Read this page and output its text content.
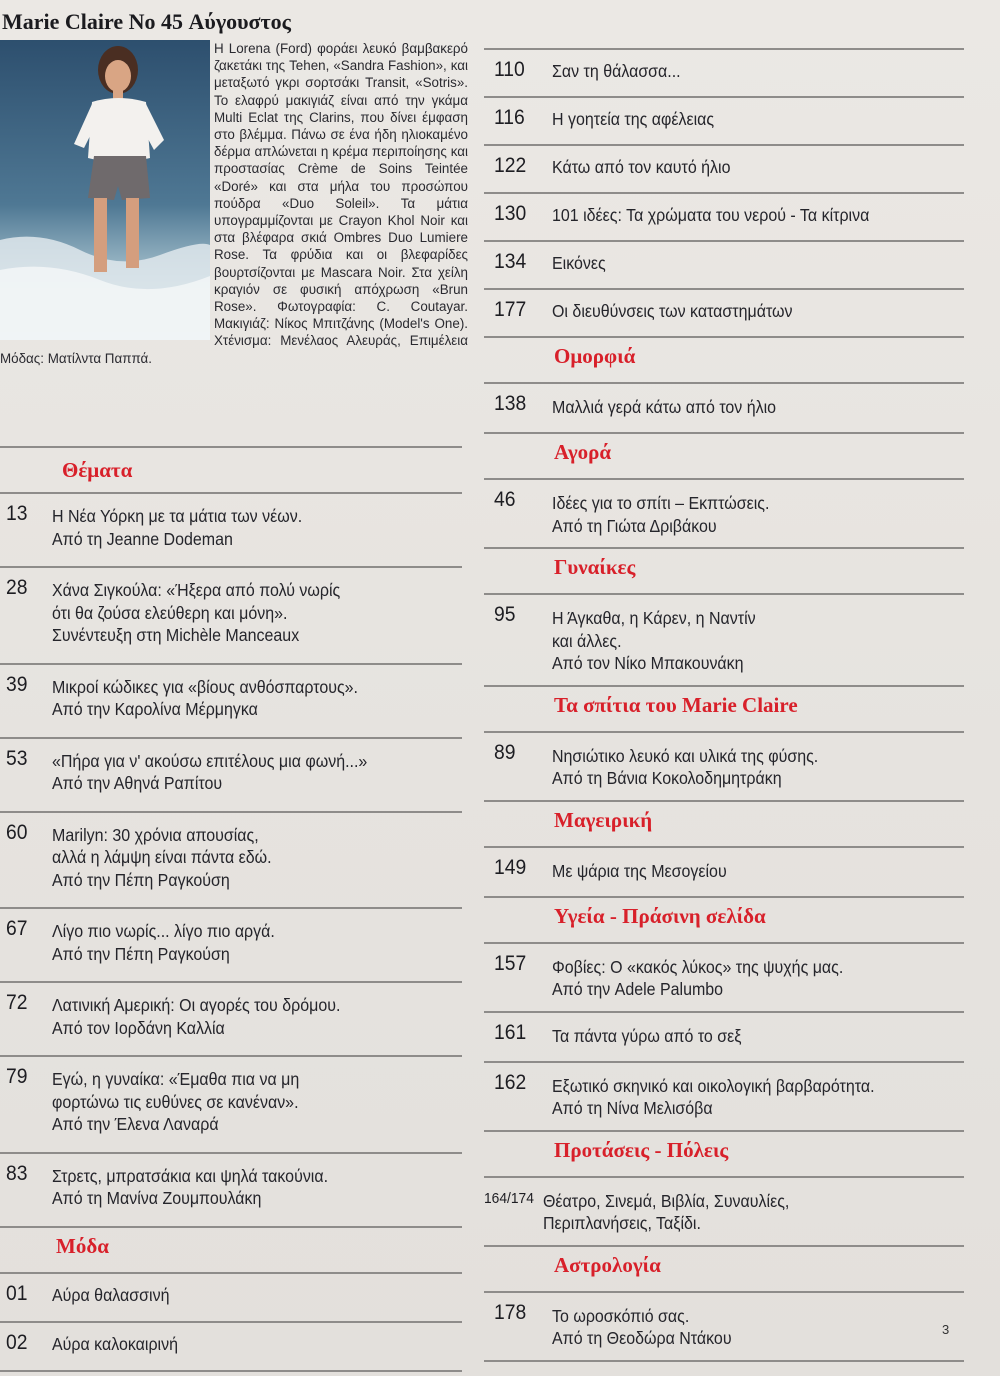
Marie Claire No 45 Αύγουστος

Η Lorena (Ford) φοράει λευκό βαμβακερό ζακετάκι της Tehen, «Sandra Fashion», και μεταξωτό γκρι σορτσάκι Transit, «Sotris». Το ελαφρύ μακιγιάζ είναι από την γκάμα Multi Eclat της Clarins, που δίνει έμφαση στο βλέμμα. Πάνω σε ένα ήδη ηλιοκαμένο δέρμα απλώνεται η κρέμα περιποίησης και προστασίας Crème de Soins Teintée «Doré» και στα μήλα του προσώπου πούδρα «Duo Soleil». Τα μάτια υπογραμμίζονται με Crayon Khol Noir και στα βλέφαρα σκιά Ombres Duo Lumiere Rose. Τα φρύδια και οι βλεφαρίδες βουρτσίζονται με Mascara Noir. Στα χείλη κραγιόν σε φυσική απόχρωση «Brun Rose». Φωτογραφία: C. Coutayar. Μακιγιάζ: Νίκος Μπιτζάνης (Model's One). Χτένισμα: Μενέλαος Αλευράς, Επιμέλεια Μόδας: Ματίλντα Παππά.

Θέματα
13 Η Νέα Υόρκη με τα μάτια των νέων.
Από τη Jeanne Dodeman
28 Χάνα Σιγκούλα: «Ήξερα από πολύ νωρίς
ότι θα ζούσα ελεύθερη και μόνη».
Συνέντευξη στη Michèle Manceaux
39 Μικροί κώδικες για «βίους ανθόσπαρτους».
Από την Καρολίνα Μέρμηγκα
53 «Πήρα για ν' ακούσω επιτέλους μια φωνή...»
Από την Αθηνά Ραπίτου
60 Marilyn: 30 χρόνια απουσίας,
αλλά η λάμψη είναι πάντα εδώ.
Από την Πέπη Ραγκούση
67 Λίγο πιο νωρίς... λίγο πιο αργά.
Από την Πέπη Ραγκούση
72 Λατινική Αμερική: Οι αγορές του δρόμου.
Από τον Ιορδάνη Καλλία
79 Εγώ, η γυναίκα: «Έμαθα πια να μη
φορτώνω τις ευθύνες σε κανέναν».
Από την Έλενα Λαναρά
83 Στρετς, μπρατσάκια και ψηλά τακούνια.
Από τη Μανίνα Ζουμπουλάκη
Μόδα
01 Αύρα θαλασσινή
02 Αύρα καλοκαιρινή
110 Σαν τη θάλασσα...
116 Η γοητεία της αφέλειας
122 Κάτω από τον καυτό ήλιο
130 101 ιδέες: Τα χρώματα του νερού - Τα κίτρινα
134 Εικόνες
177 Οι διευθύνσεις των καταστημάτων
Ομορφιά
138 Μαλλιά γερά κάτω από τον ήλιο
Αγορά
46 Ιδέες για το σπίτι – Εκπτώσεις.
Από τη Γιώτα Δριβάκου
Γυναίκες
95 Η Άγκαθα, η Κάρεν, η Ναντίν
και άλλες.
Από τον Νίκο Μπακουνάκη
Τα σπίτια του Marie Claire
89 Νησιώτικο λευκό και υλικά της φύσης.
Από τη Βάνια Κοκολοδημητράκη
Μαγειρική
149 Με ψάρια της Μεσογείου
Υγεία - Πράσινη σελίδα
157 Φοβίες: Ο «κακός λύκος» της ψυχής μας.
Από την Adele Palumbo
161 Τα πάντα γύρω από το σεξ
162 Εξωτικό σκηνικό και οικολογική βαρβαρότητα.
Από τη Νίνα Μελισόβα
Προτάσεις - Πόλεις
164/174 Θέατρο, Σινεμά, Βιβλία, Συναυλίες,
Περιπλανήσεις, Ταξίδι.
Αστρολογία
178 Το ωροσκόπιό σας.
Από τη Θεοδώρα Ντάκου	3
